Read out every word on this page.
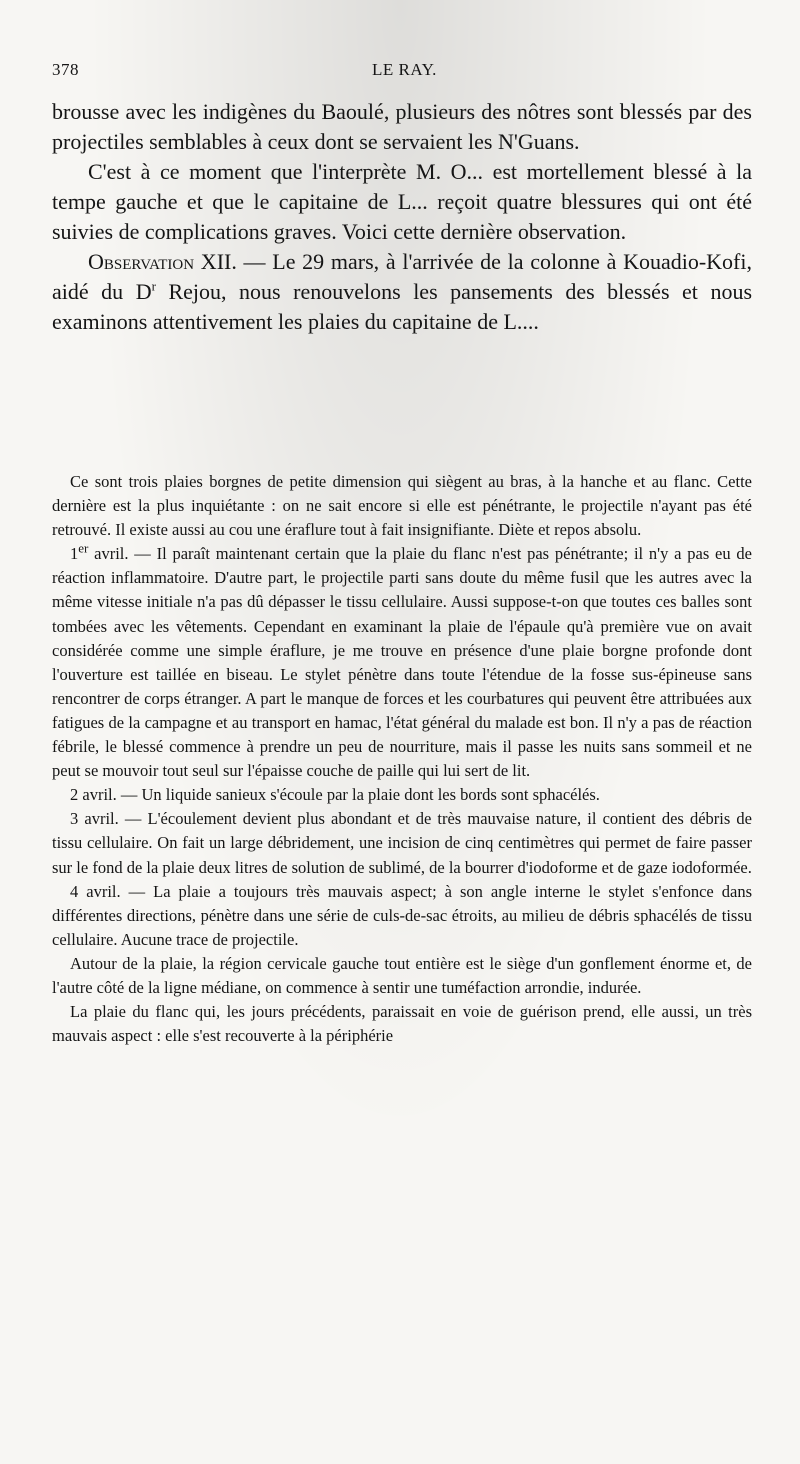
378	LE RAY.

brousse avec les indigènes du Baoulé, plusieurs des nôtres sont blessés par des projectiles semblables à ceux dont se servaient les N'Guans.

C'est à ce moment que l'interprète M. O... est mortellement blessé à la tempe gauche et que le capitaine de L... reçoit quatre blessures qui ont été suivies de complications graves. Voici cette dernière observation.

Observation XII. — Le 29 mars, à l'arrivée de la colonne à Kouadio-Kofi, aidé du $D^r$ Rejou, nous renouvelons les pansements des blessés et nous examinons attentivement les plaies du capitaine de L....

Ce sont trois plaies borgnes de petite dimension qui siègent au bras, à la hanche et au flanc. Cette dernière est la plus inquiétante : on ne sait encore si elle est pénétrante, le projectile n'ayant pas été retrouvé. Il existe aussi au cou une éraflure tout à fait insignifiante. Diète et repos absolu.

1er avril. — Il paraît maintenant certain que la plaie du flanc n'est pas pénétrante; il n'y a pas eu de réaction inflammatoire. D'autre part, le projectile parti sans doute du même fusil que les autres avec la même vitesse initiale n'a pas dû dépasser le tissu cellulaire. Aussi suppose-t-on que toutes ces balles sont tombées avec les vêtements. Cependant en examinant la plaie de l'épaule qu'à première vue on avait considérée comme une simple éraflure, je me trouve en présence d'une plaie borgne profonde dont l'ouverture est taillée en biseau. Le stylet pénètre dans toute l'étendue de la fosse sus-épineuse sans rencontrer de corps étranger. A part le manque de forces et les courbatures qui peuvent être attribuées aux fatigues de la campagne et au transport en hamac, l'état général du malade est bon. Il n'y a pas de réaction fébrile, le blessé commence à prendre un peu de nourriture, mais il passe les nuits sans sommeil et ne peut se mouvoir tout seul sur l'épaisse couche de paille qui lui sert de lit.

2 avril. — Un liquide sanieux s'écoule par la plaie dont les bords sont sphacélés.

3 avril. — L'écoulement devient plus abondant et de très mauvaise nature, il contient des débris de tissu cellulaire. On fait un large débridement, une incision de cinq centimètres qui permet de faire passer sur le fond de la plaie deux litres de solution de sublimé, de la bourrer d'iodoforme et de gaze iodoformée.

4 avril. — La plaie a toujours très mauvais aspect; à son angle interne le stylet s'enfonce dans différentes directions, pénètre dans une série de culs-de-sac étroits, au milieu de débris sphacélés de tissu cellulaire. Aucune trace de projectile.

Autour de la plaie, la région cervicale gauche tout entière est le siège d'un gonflement énorme et, de l'autre côté de la ligne médiane, on commence à sentir une tuméfaction arrondie, indurée.

La plaie du flanc qui, les jours précédents, paraissait en voie de guérison prend, elle aussi, un très mauvais aspect : elle s'est recouverte à la périphérie
